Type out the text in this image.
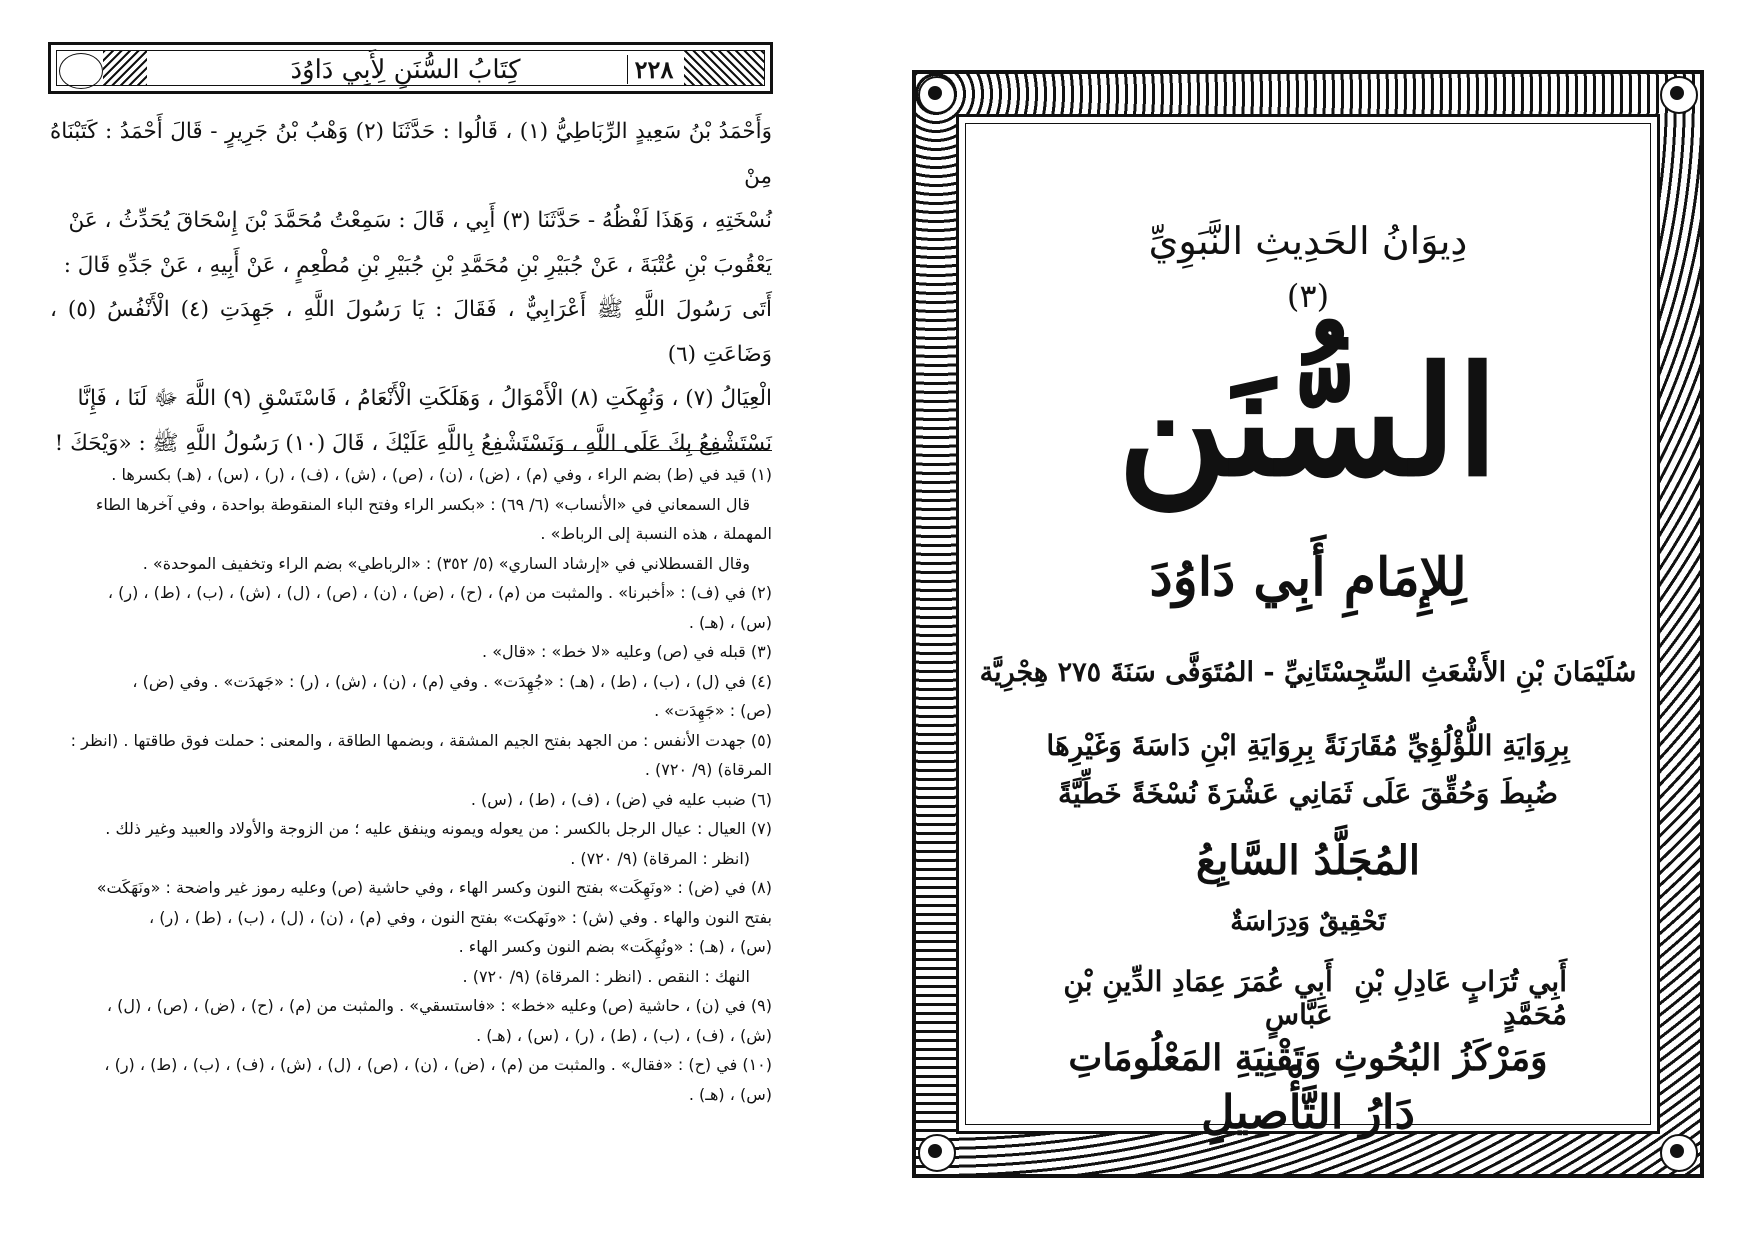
كِتَابُ السُّنَنِ لِأَبِي دَاوُدَ	٢٢٨

وَأَحْمَدُ بْنُ سَعِيدٍ الرِّبَاطِيُّ (١) ، قَالُوا : حَدَّثَنَا (٢) وَهْبُ بْنُ جَرِيرٍ - قَالَ أَحْمَدُ : كَتَبْنَاهُ مِنْ

نُسْخَتِهِ ، وَهَذَا لَفْظُهُ - حَدَّثَنَا (٣) أَبِي ، قَالَ : سَمِعْتُ مُحَمَّدَ بْنَ إِسْحَاقَ يُحَدِّثُ ، عَنْ

يَعْقُوبَ بْنِ عُتْبَةَ ، عَنْ جُبَيْرِ بْنِ مُحَمَّدِ بْنِ جُبَيْرِ بْنِ مُطْعِمٍ ، عَنْ أَبِيهِ ، عَنْ جَدِّهِ قَالَ :

أَتَى رَسُولَ اللَّهِ ﷺ أَعْرَابِيٌّ ، فَقَالَ : يَا رَسُولَ اللَّهِ ، جَهِدَتِ (٤) الْأَنْفُسُ (٥) ، وَضَاعَتِ (٦)

الْعِيَالُ (٧) ، وَنُهِكَتِ (٨) الْأَمْوَالُ ، وَهَلَكَتِ الْأَنْعَامُ ، فَاسْتَسْقِ (٩) اللَّهَ ﷻ لَنَا ، فَإِنَّا

نَسْتَشْفِعُ بِكَ عَلَى اللَّهِ ، وَنَسْتَشْفِعُ بِاللَّهِ عَلَيْكَ ، قَالَ (١٠) رَسُولُ اللَّهِ ﷺ : «وَيْحَكَ !

(١) قيد في (ط) بضم الراء ، وفي (م) ، (ض) ، (ن) ، (ص) ، (ش) ، (ف) ، (ر) ، (س) ، (هـ) بكسرها .

قال السمعاني في «الأنساب» (٦/ ٦٩) : «بكسر الراء وفتح الباء المنقوطة بواحدة ، وفي آخرها الطاء

المهملة ، هذه النسبة إلى الرباط» .

وقال القسطلاني في «إرشاد الساري» (٥/ ٣٥٢) : «الرباطي» بضم الراء وتخفيف الموحدة» .

(٢) في (ف) : «أخبرنا» . والمثبت من (م) ، (ح) ، (ض) ، (ن) ، (ص) ، (ل) ، (ش) ، (ب) ، (ط) ، (ر) ،

(س) ، (هـ) .

(٣) قبله في (ص) وعليه «لا خط» : «قال» .

(٤) في (ل) ، (ب) ، (ط) ، (هـ) : «جُهِدَت» . وفي (م) ، (ن) ، (ش) ، (ر) : «جَهدَت» . وفي (ض) ،

(ص) : «جَهِدَت» .

(٥) جهدت الأنفس : من الجهد بفتح الجيم المشقة ، وبضمها الطاقة ، والمعنى : حملت فوق طاقتها . (انظر :

المرقاة) (٩/ ٧٢٠) .

(٦) ضبب عليه في (ض) ، (ف) ، (ط) ، (س) .

(٧) العيال : عيال الرجل بالكسر : من يعوله ويمونه وينفق عليه ؛ من الزوجة والأولاد والعبيد وغير ذلك .

(انظر : المرقاة) (٩/ ٧٢٠) .

(٨) في (ض) : «ونَهِكَت» بفتح النون وكسر الهاء ، وفي حاشية (ص) وعليه رموز غير واضحة : «ونَهَكَت»

بفتح النون والهاء . وفي (ش) : «ونَهكت» بفتح النون ، وفي (م) ، (ن) ، (ل) ، (ب) ، (ط) ، (ر) ،

(س) ، (هـ) : «ونُهِكَت» بضم النون وكسر الهاء .

النهك : النقص . (انظر : المرقاة) (٩/ ٧٢٠) .

(٩) في (ن) ، حاشية (ص) وعليه «خط» : «فاستسقي» . والمثبت من (م) ، (ح) ، (ض) ، (ص) ، (ل) ،

(ش) ، (ف) ، (ب) ، (ط) ، (ر) ، (س) ، (هـ) .

(١٠) في (ح) : «فقال» . والمثبت من (م) ، (ض) ، (ن) ، (ص) ، (ل) ، (ش) ، (ف) ، (ب) ، (ط) ، (ر) ،

(س) ، (هـ) .

دِيوَانُ الحَدِيثِ النَّبَوِيِّ
(٣)
السُّنَن
لِلإِمَامِ أَبِي دَاوُدَ
سُلَيْمَانَ بْنِ الأَشْعَثِ السِّجِسْتَانِيِّ - المُتَوَفَّى سَنَةَ ٢٧٥ هِجْرِيَّة
بِرِوَايَةِ اللُّؤْلُؤِيِّ مُقَارَنَةً بِرِوَايَةِ ابْنِ دَاسَةَ وَغَيْرِهَا
ضُبِطَ وَحُقِّقَ عَلَى ثَمَانِي عَشْرَةَ نُسْخَةً خَطِّيَّةً
المُجَلَّدُ السَّابِعُ
تَحْقِيقٌ وَدِرَاسَةٌ
أَبِي تُرَابٍ عَادِلِ بْنِ مُحَمَّدٍ
أَبِي عُمَرَ عِمَادِ الدِّينِ بْنِ عَبَّاسٍ
وَمَرْكَزُ البُحُوثِ وَتَقْنِيَةِ المَعْلُومَاتِ
دَارُ التَّأْصِيلِ
